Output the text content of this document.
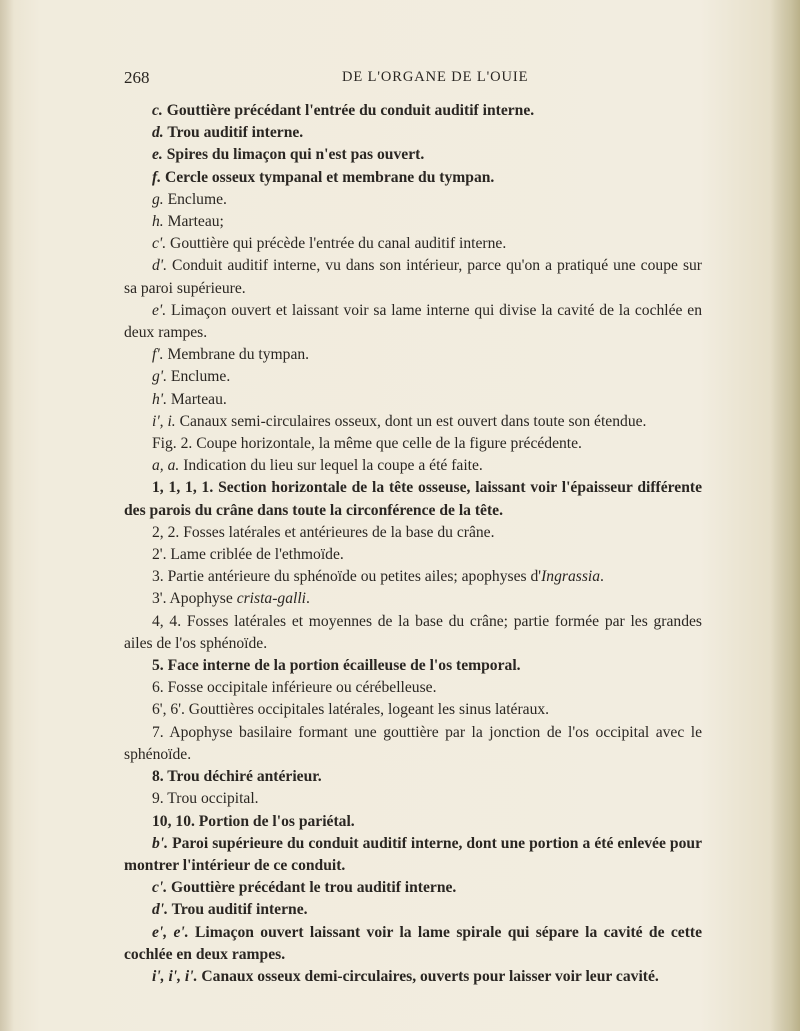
268	DE L'ORGANE DE L'OUIE

c. Gouttière précédant l'entrée du conduit auditif interne.

d. Trou auditif interne.

e. Spires du limaçon qui n'est pas ouvert.

f. Cercle osseux tympanal et membrane du tympan.

g. Enclume.

h. Marteau;

c'. Gouttière qui précède l'entrée du canal auditif interne.

d'. Conduit auditif interne, vu dans son intérieur, parce qu'on a pratiqué une coupe sur sa paroi supérieure.

e'. Limaçon ouvert et laissant voir sa lame interne qui divise la cavité de la cochlée en deux rampes.

f'. Membrane du tympan.

g'. Enclume.

h'. Marteau.

i', i. Canaux semi-circulaires osseux, dont un est ouvert dans toute son étendue.

Fig. 2. Coupe horizontale, la même que celle de la figure précédente.

a, a. Indication du lieu sur lequel la coupe a été faite.

1, 1, 1, 1. Section horizontale de la tête osseuse, laissant voir l'épaisseur différente des parois du crâne dans toute la circonférence de la tête.

2, 2. Fosses latérales et antérieures de la base du crâne.

2'. Lame criblée de l'ethmoïde.

3. Partie antérieure du sphénoïde ou petites ailes; apophyses d'Ingrassia.

3'. Apophyse crista-galli.

4, 4. Fosses latérales et moyennes de la base du crâne; partie formée par les grandes ailes de l'os sphénoïde.

5. Face interne de la portion écailleuse de l'os temporal.

6. Fosse occipitale inférieure ou cérébelleuse.

6', 6'. Gouttières occipitales latérales, logeant les sinus latéraux.

7. Apophyse basilaire formant une gouttière par la jonction de l'os occipital avec le sphénoïde.

8. Trou déchiré antérieur.

9. Trou occipital.

10, 10. Portion de l'os pariétal.

b'. Paroi supérieure du conduit auditif interne, dont une portion a été enlevée pour montrer l'intérieur de ce conduit.

c'. Gouttière précédant le trou auditif interne.

d'. Trou auditif interne.

e', e'. Limaçon ouvert laissant voir la lame spirale qui sépare la cavité de cette cochlée en deux rampes.

i', i', i'. Canaux osseux demi-circulaires, ouverts pour laisser voir leur cavité.
